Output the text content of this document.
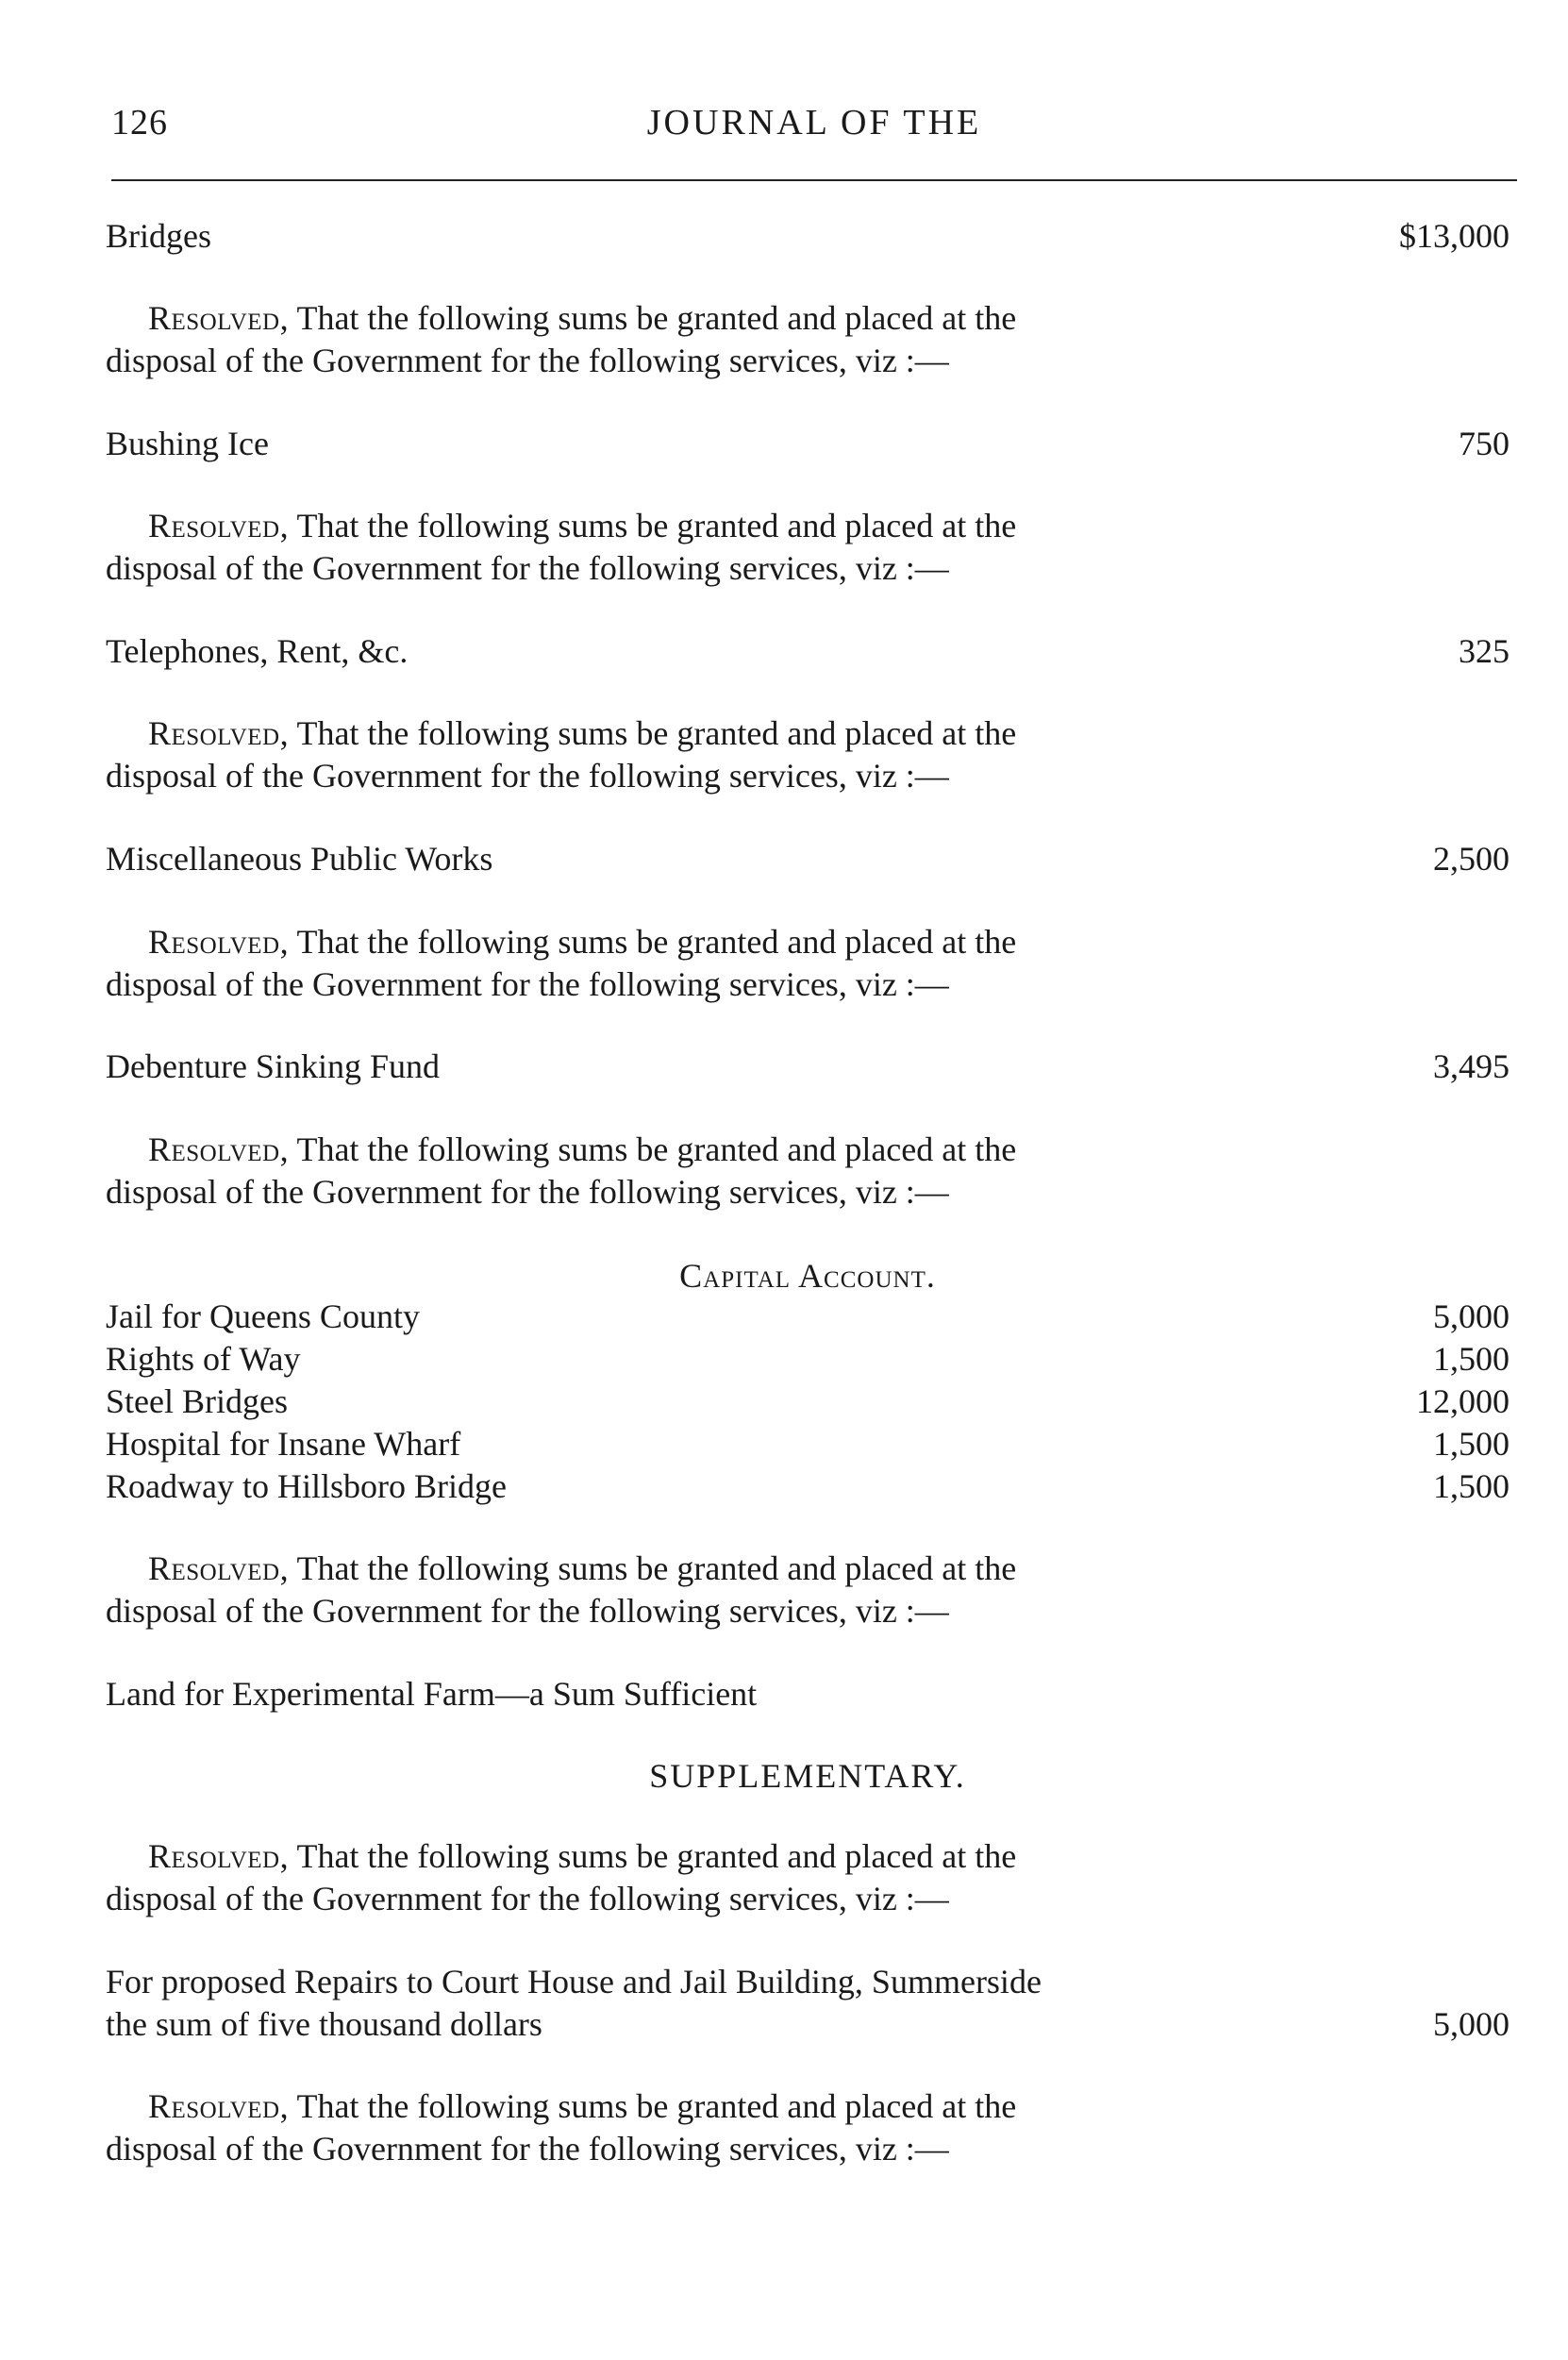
126	JOURNAL OF THE
Bridges	$13,000
Resolved, That the following sums be granted and placed at the
disposal of the Government for the following services, viz :—
Bushing Ice	750
Resolved, That the following sums be granted and placed at the
disposal of the Government for the following services, viz :—
Telephones, Rent, &c.	325
Resolved, That the following sums be granted and placed at the
disposal of the Government for the following services, viz :—
Miscellaneous Public Works	2,500
Resolved, That the following sums be granted and placed at the
disposal of the Government for the following services, viz :—
Debenture Sinking Fund	3,495
Resolved, That the following sums be granted and placed at the
disposal of the Government for the following services, viz :—
Capital Account.
Jail for Queens County	5,000
Rights of Way	1,500
Steel Bridges	12,000
Hospital for Insane Wharf	1,500
Roadway to Hillsboro Bridge	1,500
Resolved, That the following sums be granted and placed at the
disposal of the Government for the following services, viz :—
Land for Experimental Farm—a Sum Sufficient
SUPPLEMENTARY.
Resolved, That the following sums be granted and placed at the
disposal of the Government for the following services, viz :—
For proposed Repairs to Court House and Jail Building, Summerside
the sum of five thousand dollars	5,000
Resolved, That the following sums be granted and placed at the
disposal of the Government for the following services, viz :—
